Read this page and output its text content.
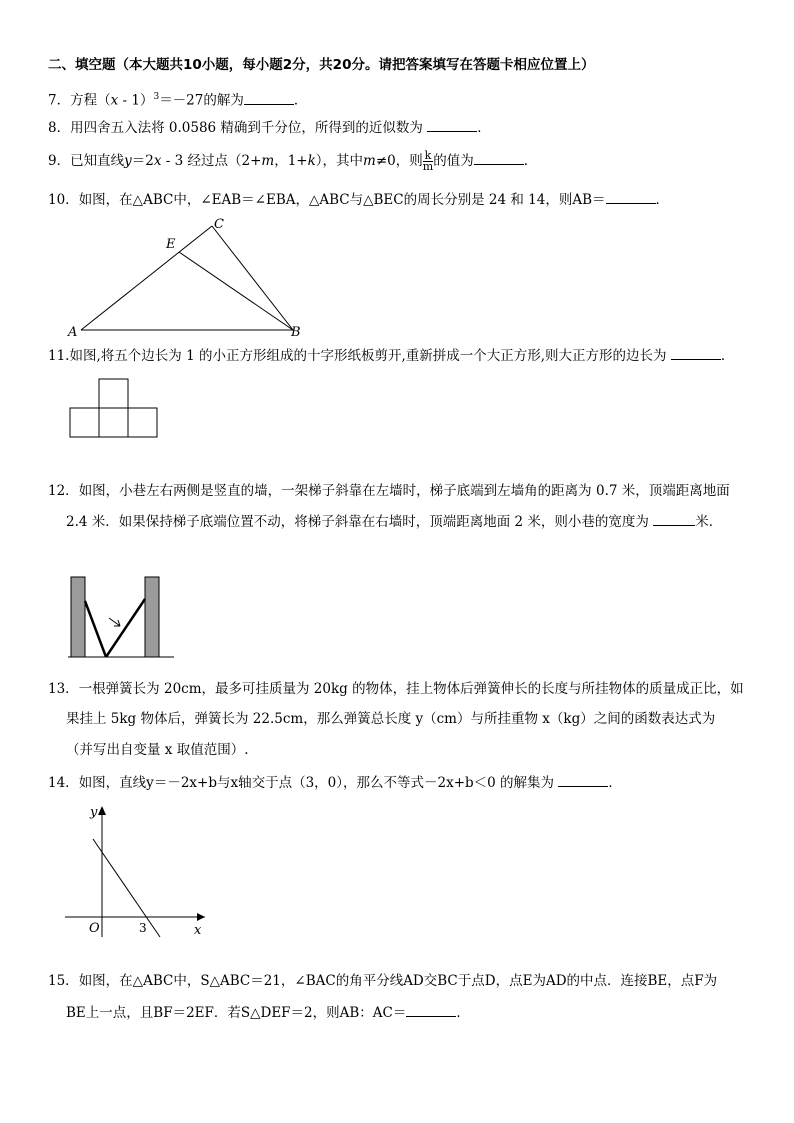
二、填空题（本大题共10小题，每小题2分，共20分。请把答案填写在答题卡相应位置上）
7．方程（x - 1）$^3$＝－27的解为	．
8．用四舍五入法将 0.0586 精确到千分位，所得到的近似数为	．
9．已知直线y＝2x - 3 经过点（2+m，1+k），其中m≠0，则 $\frac{k}{m}$ 的值为	．
10．如图，在△ABC中，∠EAB＝∠EBA，△ABC与△BEC的周长分别是 24 和 14，则AB＝	．
A	B
C
E
11.如图,将五个边长为 1 的小正方形组成的十字形纸板剪开,重新拼成一个大正方形,则大正方形的边长为	．
12．如图，小巷左右两侧是竖直的墙，一架梯子斜靠在左墙时，梯子底端到左墙角的距离为 0.7 米，顶端距离地面
2.4 米．如果保持梯子底端位置不动，将梯子斜靠在右墙时，顶端距离地面 2 米，则小巷的宽度为	米．
13．一根弹簧长为 20cm，最多可挂质量为 20kg 的物体，挂上物体后弹簧伸长的长度与所挂物体的质量成正比，如
果挂上 5kg 物体后，弹簧长为 22.5cm，那么弹簧总长度 y（cm）与所挂重物 x（kg）之间的函数表达式为
（并写出自变量 x 取值范围）.
14．如图，直线y＝－2x+b与x轴交于点（3，0），那么不等式－2x+b＜0 的解集为	．
y
x
O	3
15．如图，在△ABC中，S△ABC＝21，∠BAC的角平分线AD交BC于点D，点E为AD的中点．连接BE，点F为
BE上一点，且BF＝2EF．若S△DEF＝2，则AB：AC＝	．
